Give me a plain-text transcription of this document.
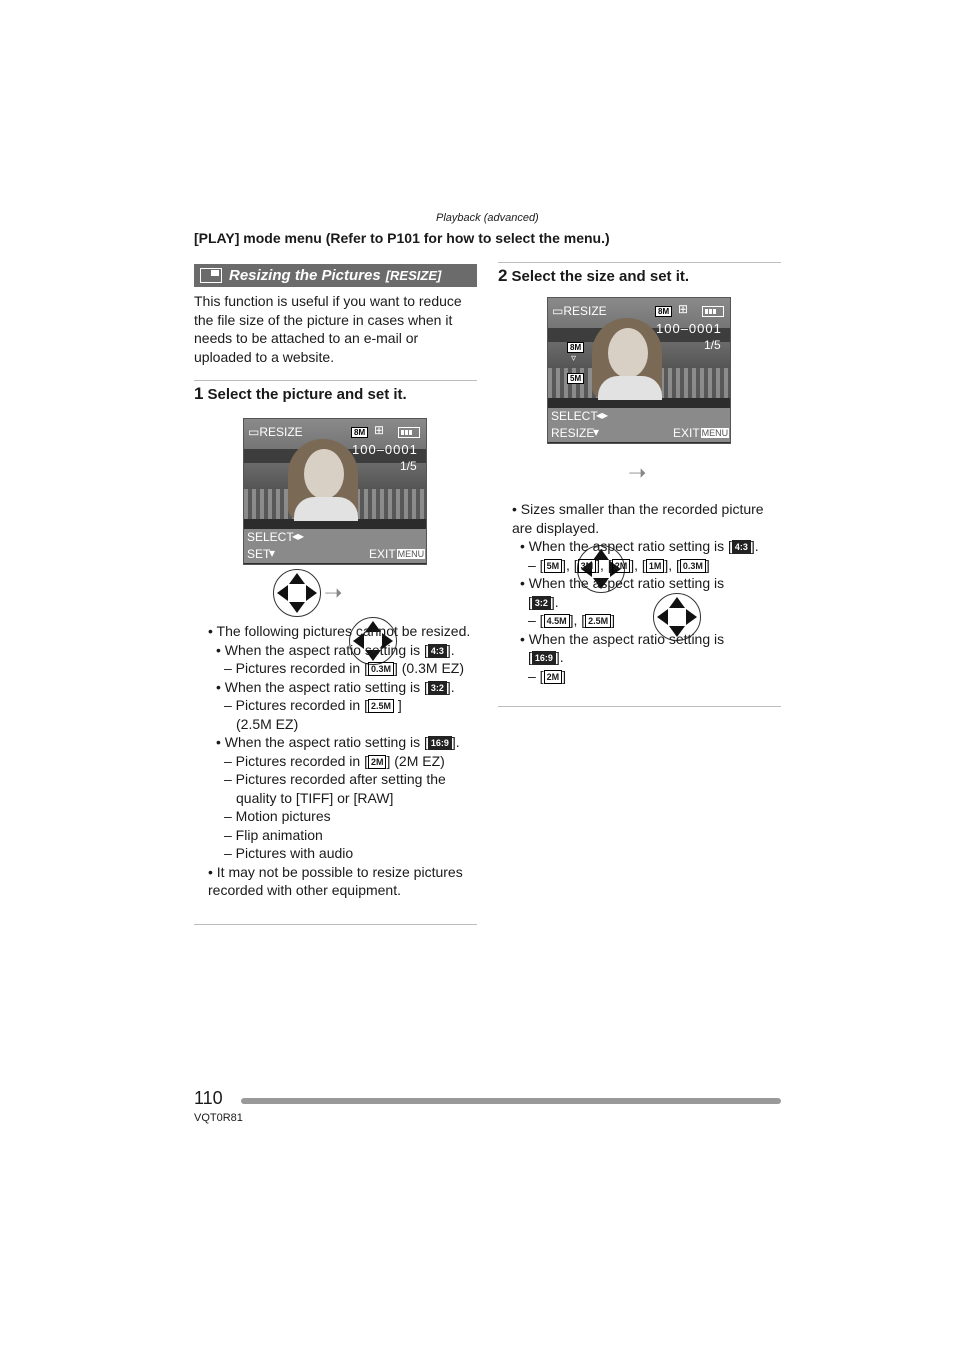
Playback (advanced)
[PLAY] mode menu (Refer to P101 for how to select the menu.)
Resizing the Pictures [RESIZE]
This function is useful if you want to reduce the file size of the picture in cases when it needs to be attached to an e-mail or uploaded to a website.
1 Select the picture and set it.
▭RESIZE	8M ⊞
100–0001
1/5
SELECT
◂▸
SET
▾	EXIT MENU
➝
• The following pictures cannot be resized.
• When the aspect ratio setting is [ 4:3 ].
– Pictures recorded in [ 0.3M ] (0.3M EZ)
• When the aspect ratio setting is [ 3:2 ].
– Pictures recorded in [ 2.5M ]
(2.5M EZ)
• When the aspect ratio setting is [ 16:9 ].
– Pictures recorded in [ 2M ] (2M EZ)
– Pictures recorded after setting the
quality to [TIFF] or [RAW]
– Motion pictures
– Flip animation
– Pictures with audio
• It may not be possible to resize pictures recorded with other equipment.
2 Select the size and set it.
▭RESIZE	8M ⊞
100–0001
1/5
8M
▿
5M
SELECT
◂▸
RESIZE
▾	EXIT MENU
➝
• Sizes smaller than the recorded picture are displayed.
• When the aspect ratio setting is [ 4:3 ].
– [ 5M ], [ 3M ], [ 2M ], [ 1M ], [ 0.3M ]
• When the aspect ratio setting is
[ 3:2 ].
– [ 4.5M ], [ 2.5M ]
• When the aspect ratio setting is
[ 16:9 ].
– [ 2M ]
110
VQT0R81
